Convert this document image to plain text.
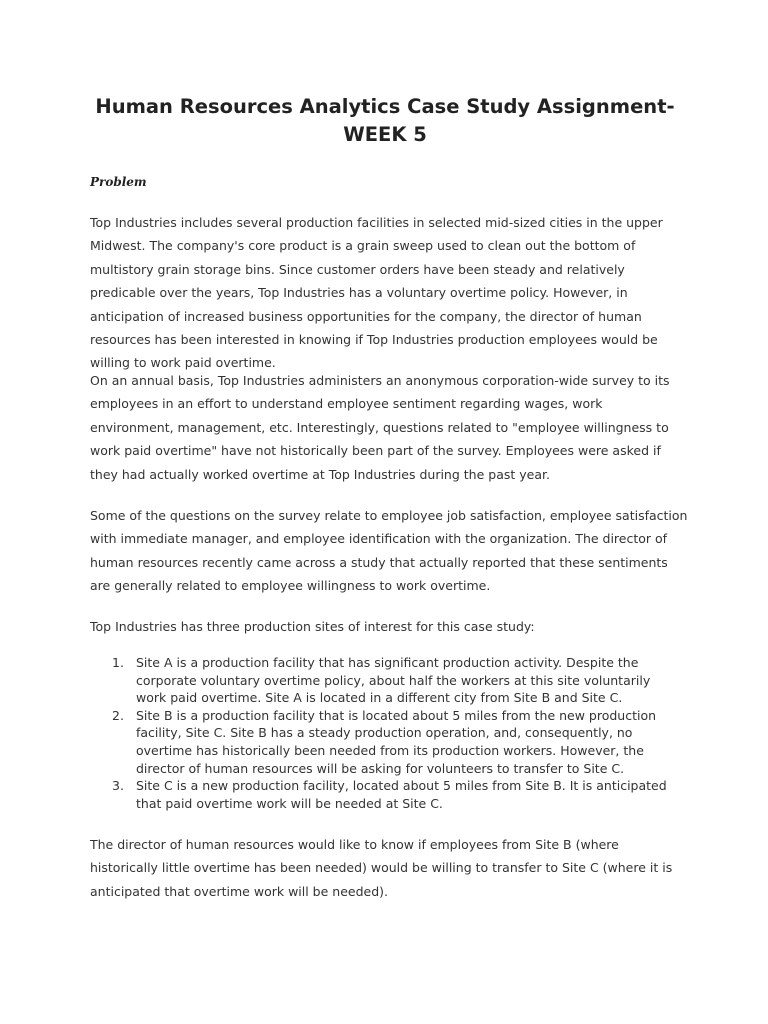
Human Resources Analytics Case Study Assignment- WEEK 5

Problem

Top Industries includes several production facilities in selected mid-sized cities in the upper Midwest. The company's core product is a grain sweep used to clean out the bottom of multistory grain storage bins. Since customer orders have been steady and relatively predicable over the years, Top Industries has a voluntary overtime policy. However, in anticipation of increased business opportunities for the company, the director of human resources has been interested in knowing if Top Industries production employees would be willing to work paid overtime.

On an annual basis, Top Industries administers an anonymous corporation-wide survey to its employees in an effort to understand employee sentiment regarding wages, work environment, management, etc. Interestingly, questions related to "employee willingness to work paid overtime" have not historically been part of the survey. Employees were asked if they had actually worked overtime at Top Industries during the past year.

Some of the questions on the survey relate to employee job satisfaction, employee satisfaction with immediate manager, and employee identification with the organization. The director of human resources recently came across a study that actually reported that these sentiments are generally related to employee willingness to work overtime.

Top Industries has three production sites of interest for this case study:

1. Site A is a production facility that has significant production activity. Despite the corporate voluntary overtime policy, about half the workers at this site voluntarily work paid overtime. Site A is located in a different city from Site B and Site C.
2. Site B is a production facility that is located about 5 miles from the new production facility, Site C. Site B has a steady production operation, and, consequently, no overtime has historically been needed from its production workers. However, the director of human resources will be asking for volunteers to transfer to Site C.
3. Site C is a new production facility, located about 5 miles from Site B. It is anticipated that paid overtime work will be needed at Site C.

The director of human resources would like to know if employees from Site B (where historically little overtime has been needed) would be willing to transfer to Site C (where it is anticipated that overtime work will be needed).
